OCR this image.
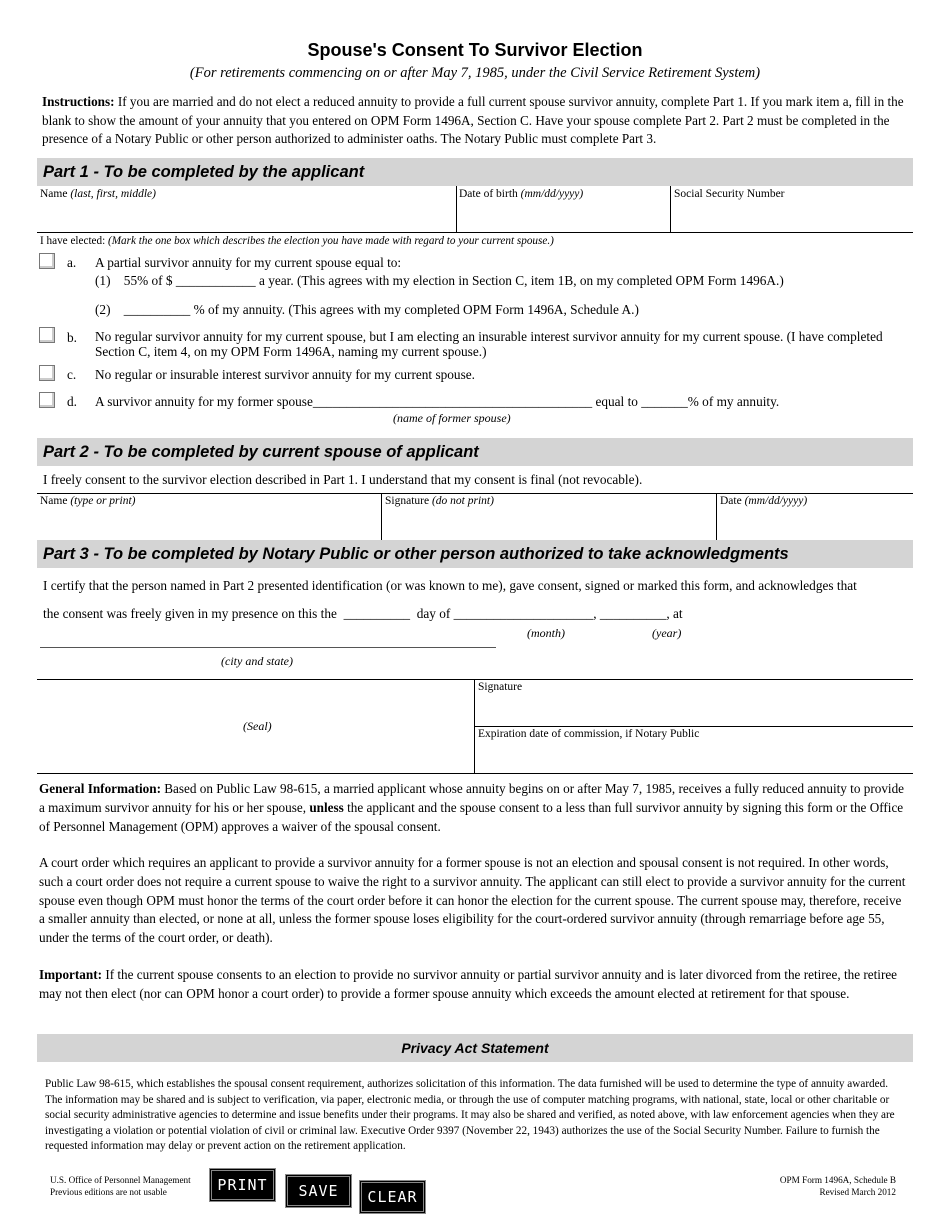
Spouse's Consent To Survivor Election
(For retirements commencing on or after May 7, 1985, under the Civil Service Retirement System)
Instructions: If you are married and do not elect a reduced annuity to provide a full current spouse survivor annuity, complete Part 1. If you mark item a, fill in the blank to show the amount of your annuity that you entered on OPM Form 1496A, Section C. Have your spouse complete Part 2. Part 2 must be completed in the presence of a Notary Public or other person authorized to administer oaths. The Notary Public must complete Part 3.
Part 1 - To be completed by the applicant
Name (last, first, middle)	Date of birth (mm/dd/yyyy)	Social Security Number
I have elected: (Mark the one box which describes the election you have made with regard to your current spouse.)
a. A partial survivor annuity for my current spouse equal to:
(1)    55% of $ ____________ a year. (This agrees with my election in Section C, item 1B, on my completed OPM Form 1496A.)
(2)    __________ % of my annuity. (This agrees with my completed OPM Form 1496A, Schedule A.)
b. No regular survivor annuity for my current spouse, but I am electing an insurable interest survivor annuity for my current spouse. (I have completed Section C, item 4, on my OPM Form 1496A, naming my current spouse.)
c. No regular or insurable interest survivor annuity for my current spouse.
d. A survivor annuity for my former spouse__________________________________________ equal to _______% of my annuity.
(name of former spouse)
Part 2 - To be completed by current spouse of applicant
I freely consent to the survivor election described in Part 1. I understand that my consent is final (not revocable).
Name (type or print)	Signature (do not print)	Date (mm/dd/yyyy)
Part 3 - To be completed by Notary Public or other person authorized to take acknowledgments
I certify that the person named in Part 2 presented identification (or was known to me), gave consent, signed or marked this form, and acknowledges that
the consent was freely given in my presence on this the  __________  day of _____________________, __________, at
(month)	(year)
(city and state)
(Seal)
Signature
Expiration date of commission, if Notary Public
General Information: Based on Public Law 98-615, a married applicant whose annuity begins on or after May 7, 1985, receives a fully reduced annuity to provide a maximum survivor annuity for his or her spouse, unless the applicant and the spouse consent to a less than full survivor annuity by signing this form or the Office of Personnel Management (OPM) approves a waiver of the spousal consent.
A court order which requires an applicant to provide a survivor annuity for a former spouse is not an election and spousal consent is not required. In other words, such a court order does not require a current spouse to waive the right to a survivor annuity. The applicant can still elect to provide a survivor annuity for the current spouse even though OPM must honor the terms of the court order before it can honor the election for the current spouse. The current spouse may, therefore, receive a smaller annuity than elected, or none at all, unless the former spouse loses eligibility for the court-ordered survivor annuity (through remarriage before age 55, under the terms of the court order, or death).
Important: If the current spouse consents to an election to provide no survivor annuity or partial survivor annuity and is later divorced from the retiree, the retiree may not then elect (nor can OPM honor a court order) to provide a former spouse annuity which exceeds the amount elected at retirement for that spouse.
Privacy Act Statement
Public Law 98-615, which establishes the spousal consent requirement, authorizes solicitation of this information. The data furnished will be used to determine the type of annuity awarded. The information may be shared and is subject to verification, via paper, electronic media, or through the use of computer matching programs, with national, state, local or other charitable or social security administrative agencies to determine and issue benefits under their programs. It may also be shared and verified, as noted above, with law enforcement agencies when they are investigating a violation or potential violation of civil or criminal law. Executive Order 9397 (November 22, 1943) authorizes the use of the Social Security Number. Failure to furnish the requested information may delay or prevent action on the retirement application.
U.S. Office of Personnel Management
Previous editions are not usable	PRINT	SAVE	CLEAR
OPM Form 1496A, Schedule B
Revised March 2012
